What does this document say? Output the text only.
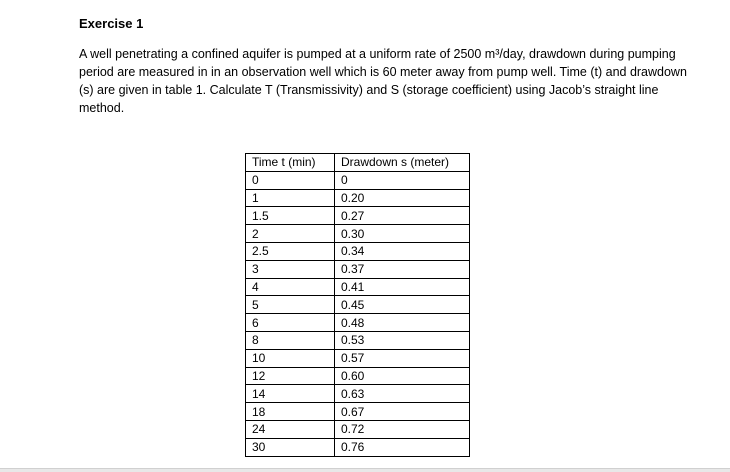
Exercise 1
A well penetrating a confined aquifer is pumped at a uniform rate of 2500 m³/day, drawdown during pumping period are measured in in an observation well which is 60 meter away from pump well. Time (t) and drawdown (s) are given in table 1. Calculate T (Transmissivity) and S (storage coefficient) using Jacob’s straight line method.
Time t (min)	Drawdown s (meter)
0	0
1	0.20
1.5	0.27
2	0.30
2.5	0.34
3	0.37
4	0.41
5	0.45
6	0.48
8	0.53
10	0.57
12	0.60
14	0.63
18	0.67
24	0.72
30	0.76
